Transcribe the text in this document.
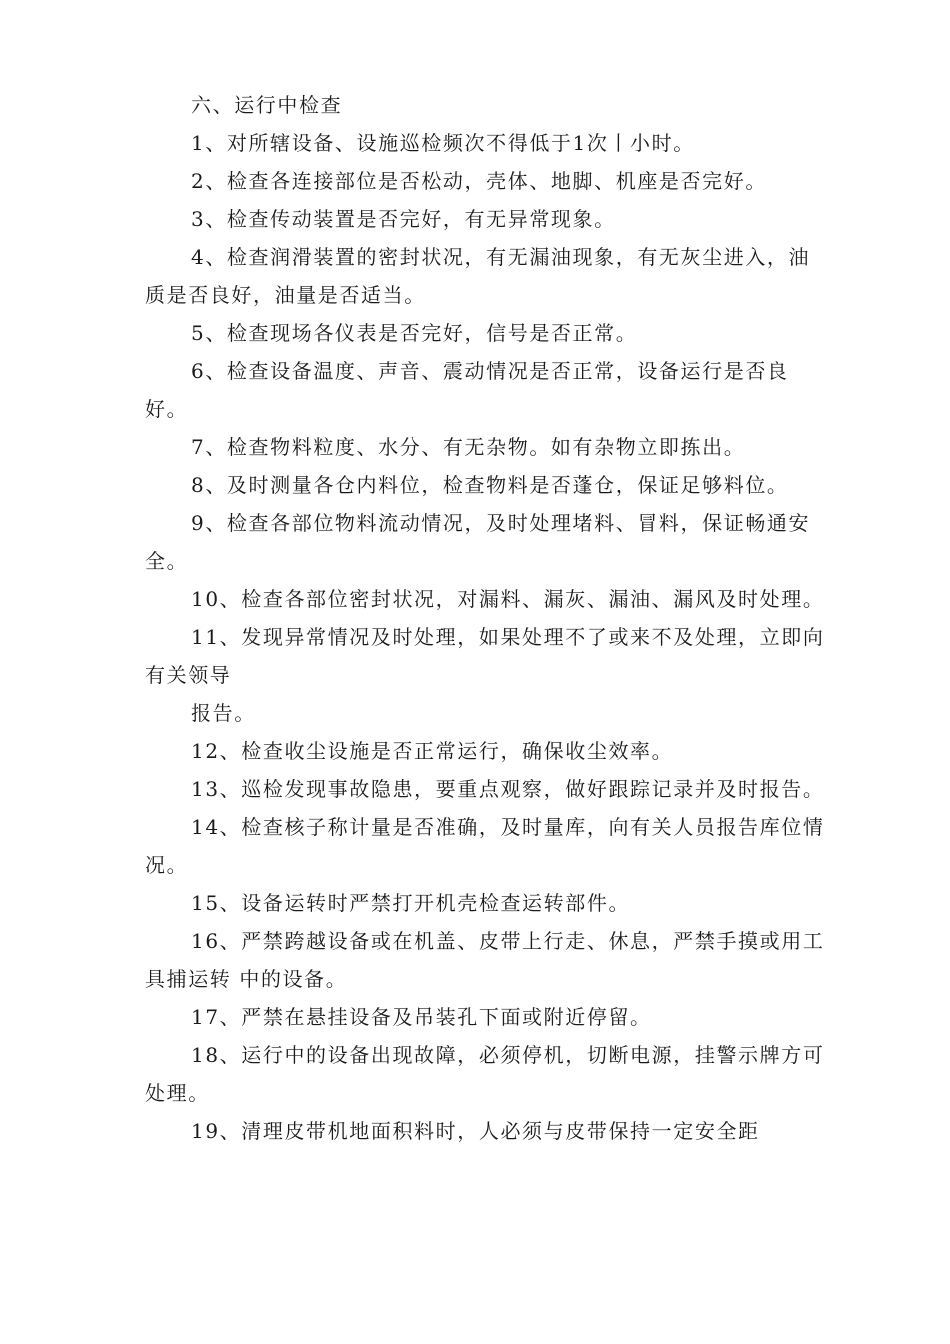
六、运行中检查

1、对所辖设备、设施巡检频次不得低于1次丨小时。

2、检查各连接部位是否松动，壳体、地脚、机座是否完好。

3、检查传动装置是否完好，有无异常现象。

4、检查润滑装置的密封状况，有无漏油现象，有无灰尘进入，油质是否良好，油量是否适当。

5、检查现场各仪表是否完好，信号是否正常。

6、检查设备温度、声音、震动情况是否正常，设备运行是否良好。

7、检查物料粒度、水分、有无杂物。如有杂物立即拣出。

8、及时测量各仓内料位，检查物料是否蓬仓，保证足够料位。

9、检查各部位物料流动情况，及时处理堵料、冒料，保证畅通安全。

10、检查各部位密封状况，对漏料、漏灰、漏油、漏风及时处理。

11、发现异常情况及时处理，如果处理不了或来不及处理，立即向有关领导

报告。

12、检查收尘设施是否正常运行，确保收尘效率。

13、巡检发现事故隐患，要重点观察，做好跟踪记录并及时报告。

14、检查核子称计量是否准确，及时量库，向有关人员报告库位情况。

15、设备运转时严禁打开机壳检查运转部件。

16、严禁跨越设备或在机盖、皮带上行走、休息，严禁手摸或用工具捕运转 中的设备。

17、严禁在悬挂设备及吊装孔下面或附近停留。

18、运行中的设备出现故障，必须停机，切断电源，挂警示牌方可处理。

19、清理皮带机地面积料时，人必须与皮带保持一定安全距
